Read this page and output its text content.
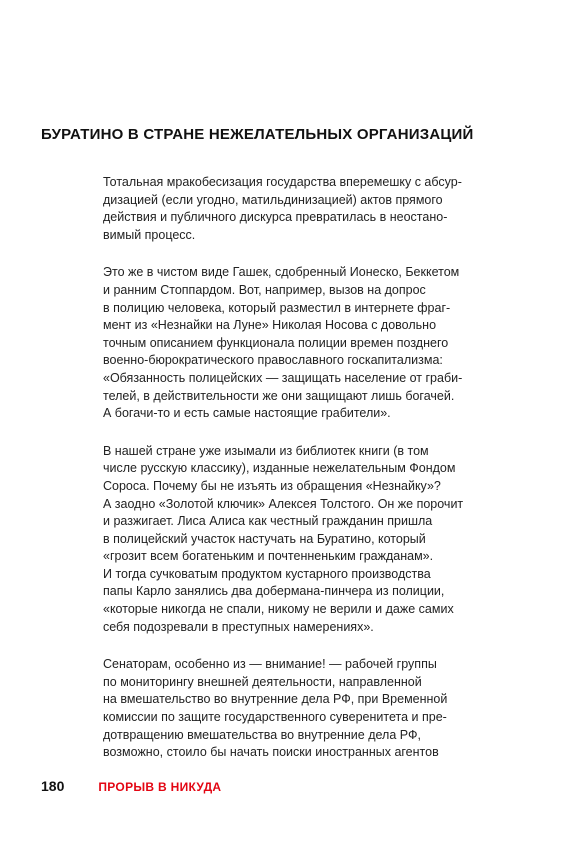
БУРАТИНО В СТРАНЕ НЕЖЕЛАТЕЛЬНЫХ ОРГАНИЗАЦИЙ

Тотальная мракобесизация государства вперемешку с абсур-
дизацией (если угодно, матильдинизацией) актов прямого
действия и публичного дискурса превратилась в неостано-
вимый процесс.

Это же в чистом виде Гашек, сдобренный Ионеско, Беккетом
и ранним Стоппардом. Вот, например, вызов на допрос
в полицию человека, который разместил в интернете фраг-
мент из «Незнайки на Луне» Николая Носова с довольно
точным описанием функционала полиции времен позднего
военно-бюрократического православного госкапитализма:
«Обязанность полицейских — защищать население от граби-
телей, в действительности же они защищают лишь богачей.
А богачи-то и есть самые настоящие грабители».

В нашей стране уже изымали из библиотек книги (в том
числе русскую классику), изданные нежелательным Фондом
Сороса. Почему бы не изъять из обращения «Незнайку»?
А заодно «Золотой ключик» Алексея Толстого. Он же порочит
и разжигает. Лиса Алиса как честный гражданин пришла
в полицейский участок настучать на Буратино, который
«грозит всем богатеньким и почтенненьким гражданам».
И тогда сучковатым продуктом кустарного производства
папы Карло занялись два добермана-пинчера из полиции,
«которые никогда не спали, никому не верили и даже самих
себя подозревали в преступных намерениях».

Сенаторам, особенно из — внимание! — рабочей группы
по мониторингу внешней деятельности, направленной
на вмешательство во внутренние дела РФ, при Временной
комиссии по защите государственного суверенитета и пре-
дотвращению вмешательства во внутренние дела РФ,
возможно, стоило бы начать поиски иностранных агентов

180	ПРОРЫВ В НИКУДА
